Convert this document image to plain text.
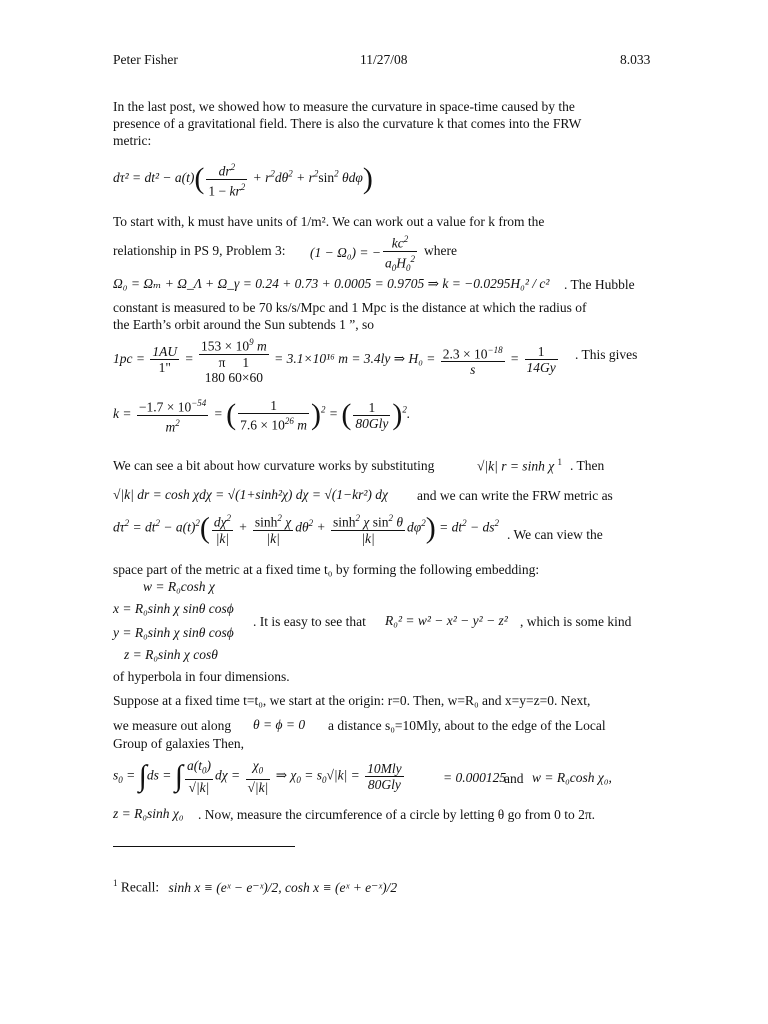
Peter Fisher	11/27/08	8.033
In the last post, we showed how to measure the curvature in space-time caused by the
presence of a gravitational field. There is also the curvature k that comes into the FRW
metric:
$d\tau^2 = dt^2 - a(t)( \frac{dr^2}{1 - kr^2} + r^2d\theta^2 + r^2\sin^2$ θdφ)
To start with, k must have units of 1/m². We can work out a value for k from the
relationship in PS 9, Problem 3: (1 − Ω₀) = − $\frac{kc^2}{a_0H_0^2}$ where
Ω₀ = Ωₘ + Ω_Λ + Ω_γ = 0.24 + 0.73 + 0.0005 = 0.9705 ⇒ k = −0.0295H₀² / c² . The Hubble
constant is measured to be 70 ks/s/Mpc and 1 Mpc is the distance at which the radius of
the Earth’s orbit around the Sun subtends 1 ”, so
$1pc = \frac{1AU}{1"}$ =
$153 \times 10^9$ m
π     1
180 60×60
= 3.1×10¹⁶ m = 3.4ly ⇒ $H_0 = \frac{2.3 \times 10^{-18}}{s} = \frac{1}{14Gy}$ . This gives
$k = \frac{-1.7 \times 10^{-54}}{m^2}$ = ( $\frac{1}{7.6 \times 10^{26} m} )^2$ = ( $\frac{1}{\text{80Gly}} )^2$.
We can see a bit about how curvature works by substituting	√|k| r = sinh χ $^1$ . Then
√|k| dr = cosh χdχ = √(1+sinh²χ) dχ = √(1−kr²) dχ and we can write the FRW metric as
$d\tau^2 = dt^2 - a(t)^2( \frac{d\chi^2}{|k|} + \frac{\sinh^2 \chi}{|k|} d\theta^2 + \frac{\sinh^2 \chi \sin^2 \theta}{|k|} d\varphi^2) = dt^2 - ds^2$
. We can view the
space part of the metric at a fixed time t₀ by forming the following embedding:
w = R₀cosh χ
x = R₀sinh χ sinθ cosϕ
y = R₀sinh χ sinθ cosϕ
z = R₀sinh χ cosθ
. It is easy to see that R₀² = w² − x² − y² − z² , which is some kind
of hyperbola in four dimensions.
Suppose at a fixed time t=t₀, we start at the origin: r=0. Then, w=R₀ and x=y=z=0. Next,
we measure out along θ = ϕ = 0 a distance s₀=10Mly, about to the edge of the Local
Group of galaxies Then,
$s_0 = \int ds$ = ∫ $\frac{a(t_0)}{√|k|}$ $d\chi = \frac{\chi_0}{√|k|}$ ⇒ $\chi_0 = s_0√|k| = \frac{\text{10Mly}}{\text{80Gly}}$	= 0.000125
and w = R₀cosh χ₀,
z = R₀sinh χ₀ . Now, measure the circumference of a circle by letting θ go from 0 to 2π.
$^1$ Recall: sinh x ≡ (eˣ − e⁻ˣ)/2, cosh x ≡ (eˣ + e⁻ˣ)/2
